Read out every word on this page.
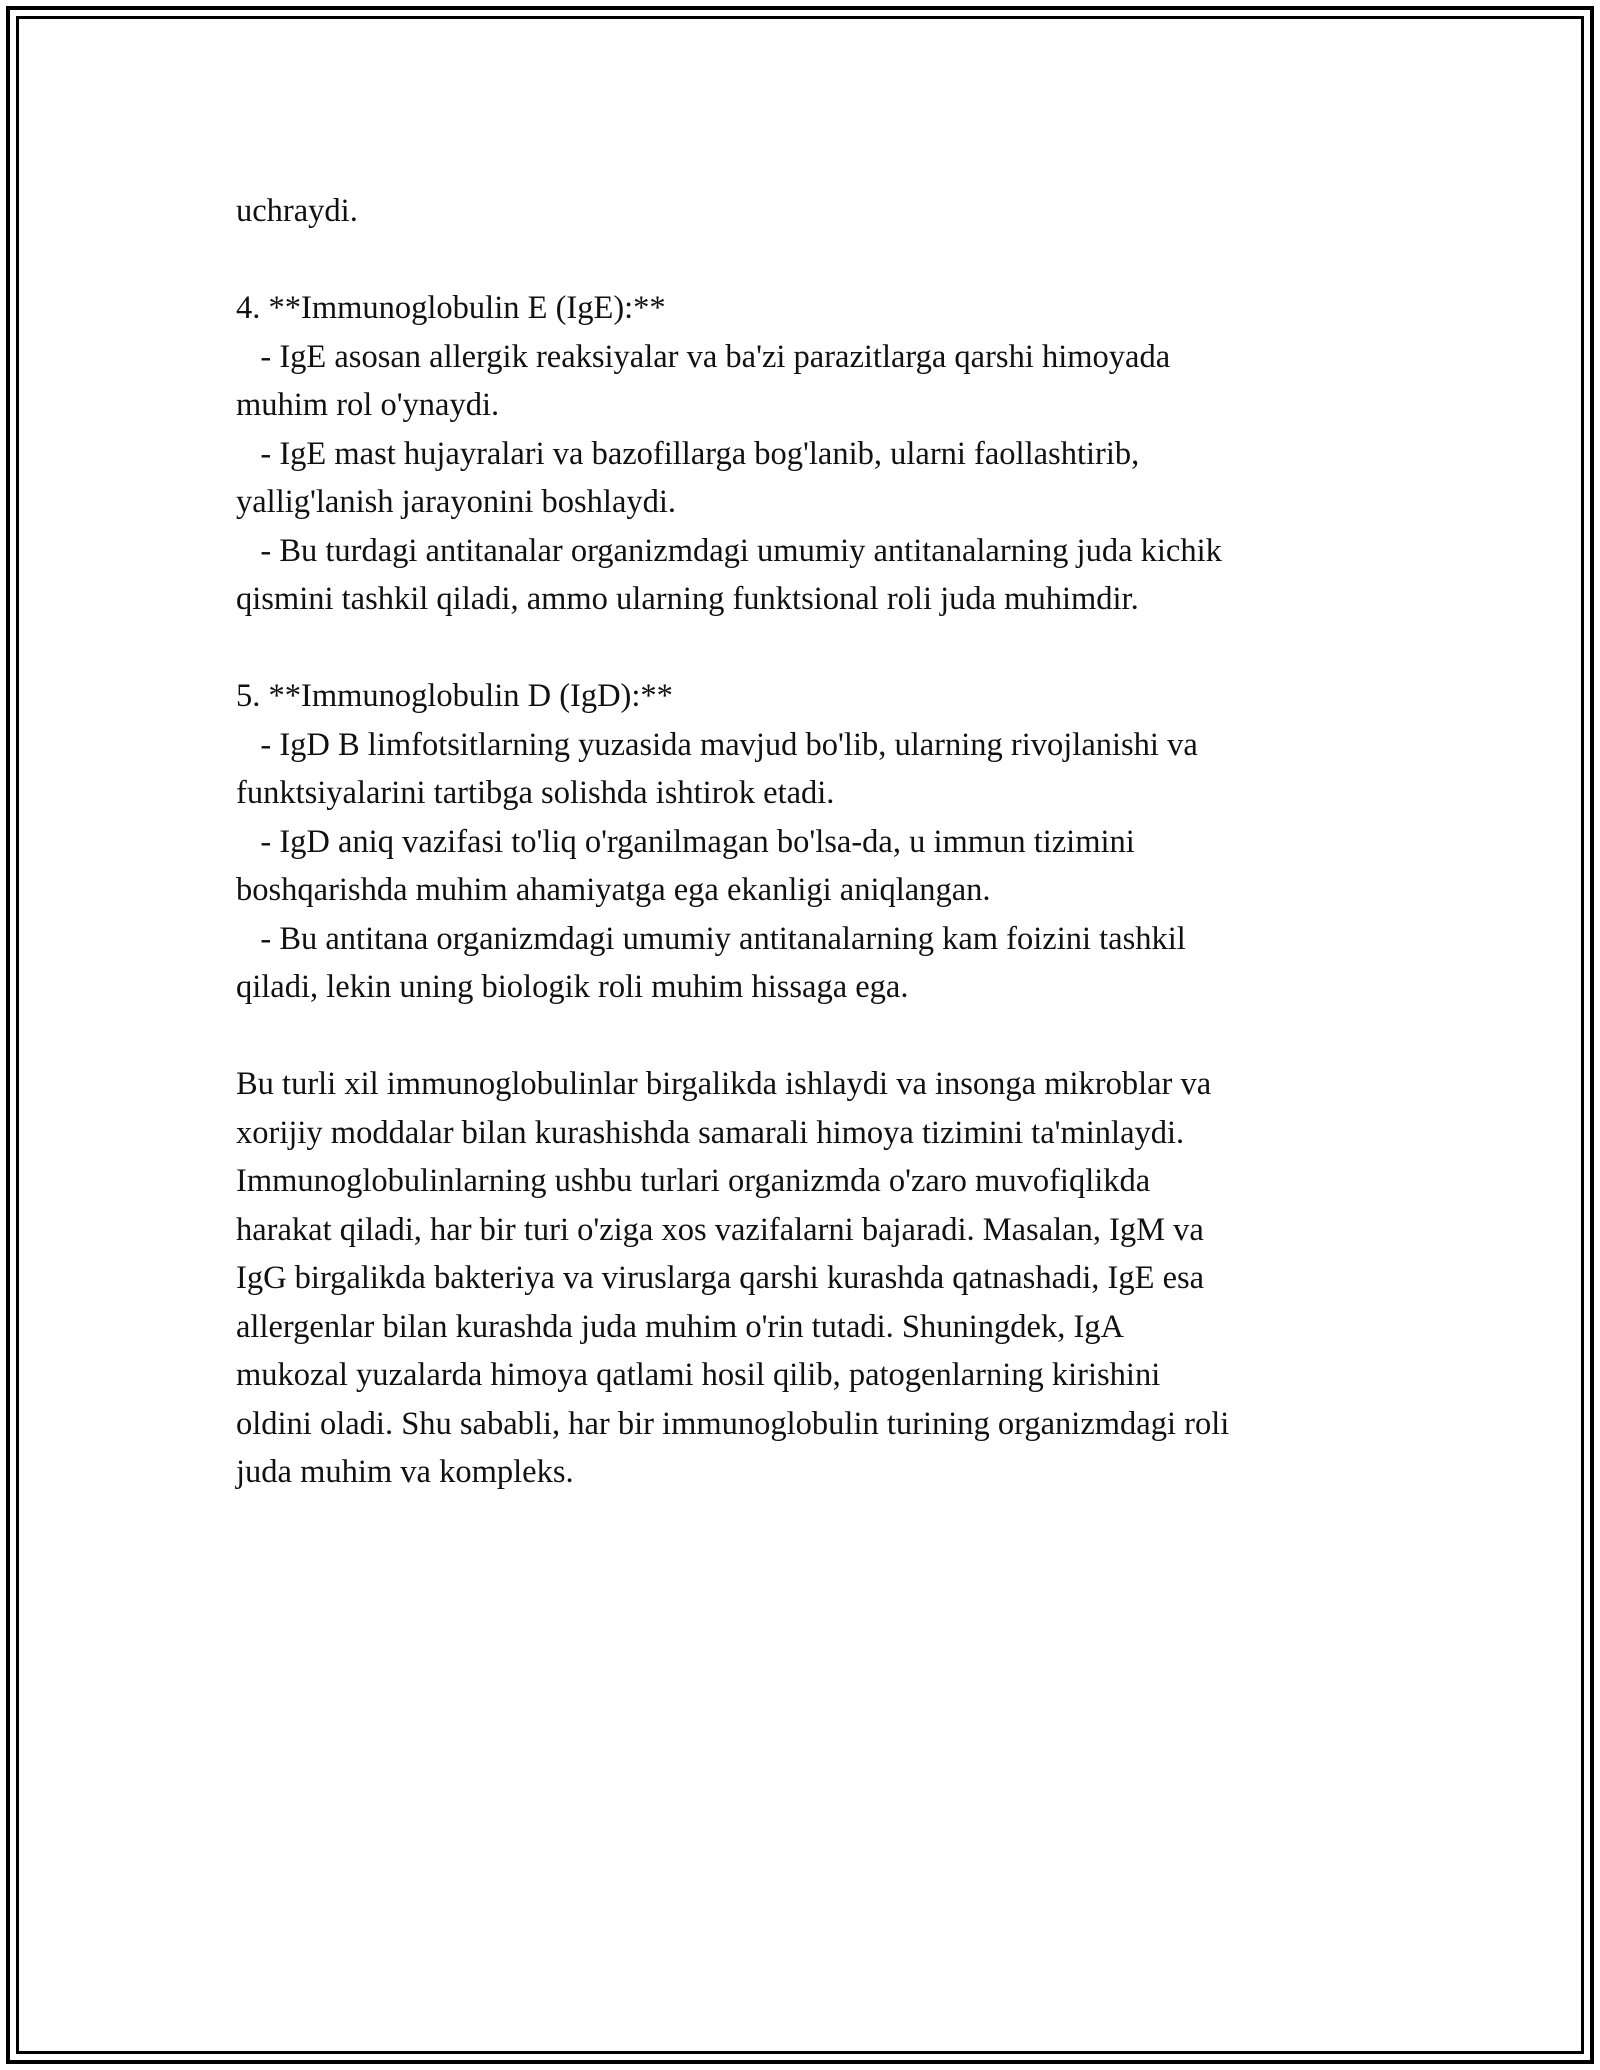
uchraydi.
4. **Immunoglobulin E (IgE):**
- IgE asosan allergik reaksiyalar va ba'zi parazitlarga qarshi himoyada
muhim rol o'ynaydi.
- IgE mast hujayralari va bazofillarga bog'lanib, ularni faollashtirib,
yallig'lanish jarayonini boshlaydi.
- Bu turdagi antitanalar organizmdagi umumiy antitanalarning juda kichik
qismini tashkil qiladi, ammo ularning funktsional roli juda muhimdir.
5. **Immunoglobulin D (IgD):**
- IgD B limfotsitlarning yuzasida mavjud bo'lib, ularning rivojlanishi va
funktsiyalarini tartibga solishda ishtirok etadi.
- IgD aniq vazifasi to'liq o'rganilmagan bo'lsa-da, u immun tizimini
boshqarishda muhim ahamiyatga ega ekanligi aniqlangan.
- Bu antitana organizmdagi umumiy antitanalarning kam foizini tashkil
qiladi, lekin uning biologik roli muhim hissaga ega.
Bu turli xil immunoglobulinlar birgalikda ishlaydi va insonga mikroblar va
xorijiy moddalar bilan kurashishda samarali himoya tizimini ta'minlaydi.
Immunoglobulinlarning ushbu turlari organizmda o'zaro muvofiqlikda
harakat qiladi, har bir turi o'ziga xos vazifalarni bajaradi. Masalan, IgM va
IgG birgalikda bakteriya va viruslarga qarshi kurashda qatnashadi, IgE esa
allergenlar bilan kurashda juda muhim o'rin tutadi. Shuningdek, IgA
mukozal yuzalarda himoya qatlami hosil qilib, patogenlarning kirishini
oldini oladi. Shu sababli, har bir immunoglobulin turining organizmdagi roli
juda muhim va kompleks.
